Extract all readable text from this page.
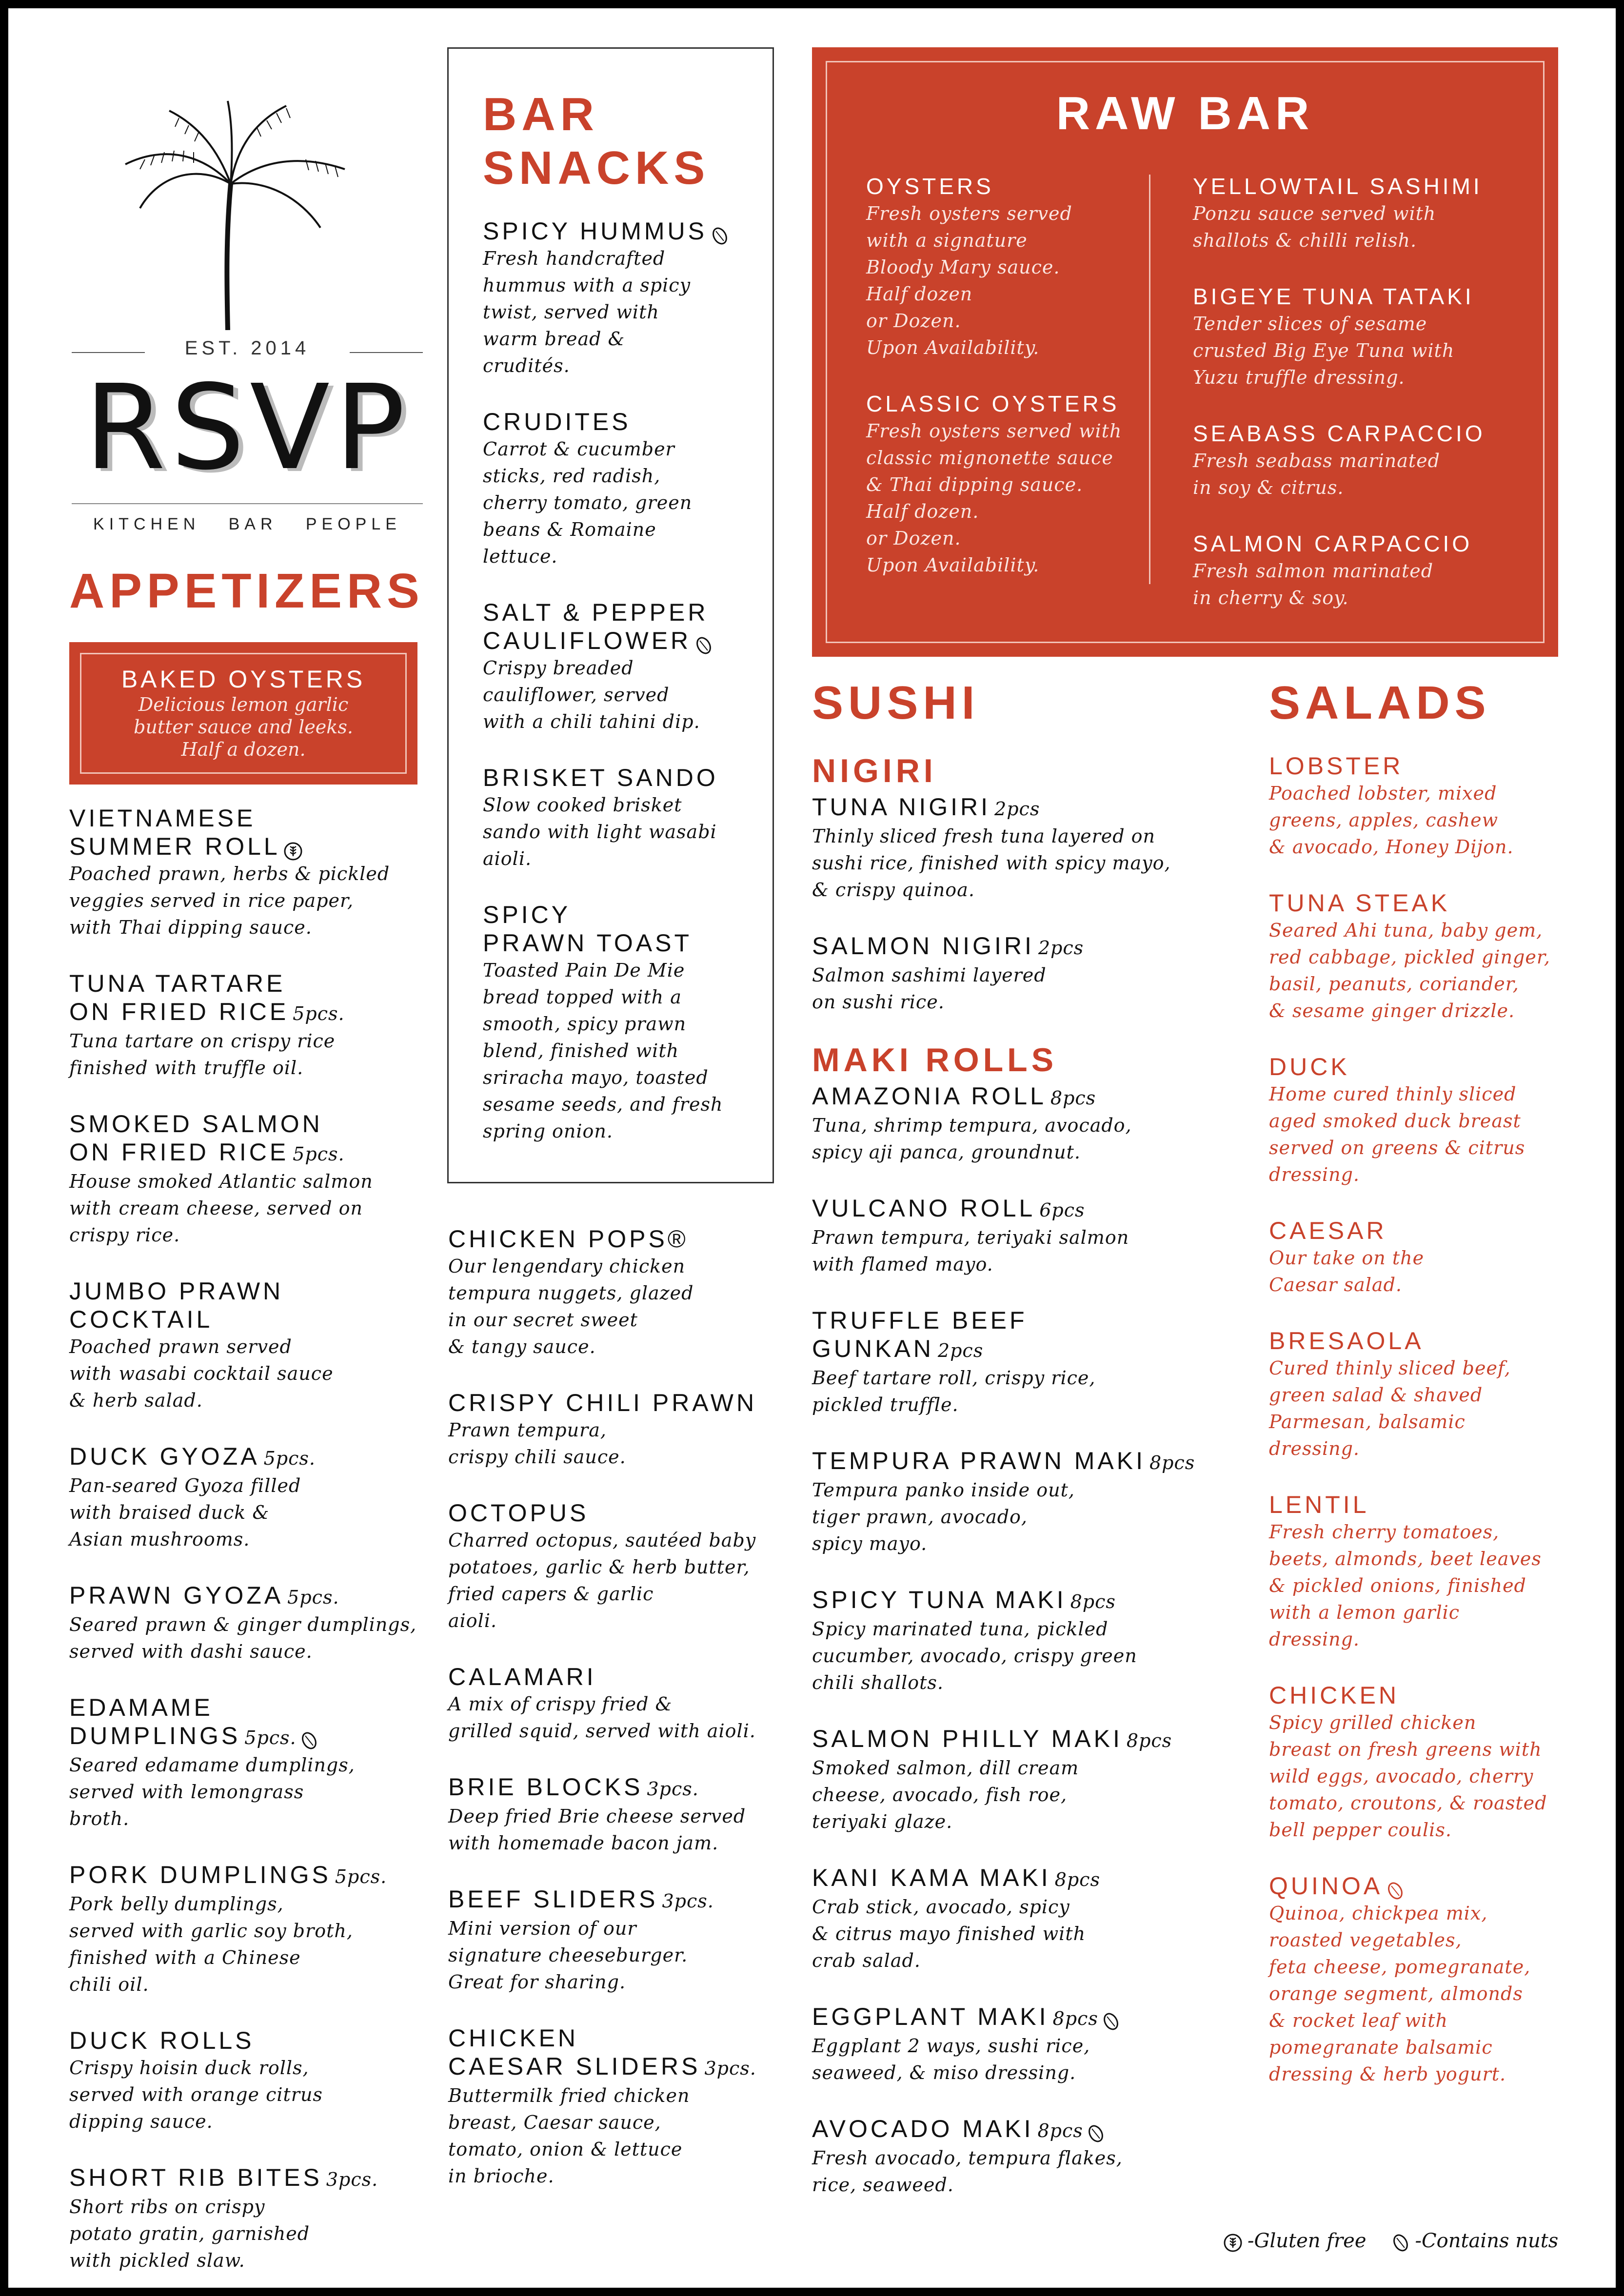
EST. 2014
RSVP
KITCHEN   BAR   PEOPLE
APPETIZERS
BAKED OYSTERS
Delicious lemon garlic
butter sauce and leeks.
Half a dozen.
VIETNAMESE
SUMMER ROLL
Poached prawn, herbs & pickled
veggies served in rice paper,
with Thai dipping sauce.
TUNA TARTARE
ON FRIED RICE 5pcs.
Tuna tartare on crispy rice
finished with truffle oil.
SMOKED SALMON
ON FRIED RICE 5pcs.
House smoked Atlantic salmon
with cream cheese, served on
crispy rice.
JUMBO PRAWN
COCKTAIL
Poached prawn served
with wasabi cocktail sauce
& herb salad.
DUCK GYOZA 5pcs.
Pan-seared Gyoza filled
with braised duck &
Asian mushrooms.
PRAWN GYOZA 5pcs.
Seared prawn & ginger dumplings,
served with dashi sauce.
EDAMAME
DUMPLINGS 5pcs.
Seared edamame dumplings,
served with lemongrass
broth.
PORK DUMPLINGS 5pcs.
Pork belly dumplings,
served with garlic soy broth,
finished with a Chinese
chili oil.
DUCK ROLLS
Crispy hoisin duck rolls,
served with orange citrus
dipping sauce.
SHORT RIB BITES 3pcs.
Short ribs on crispy
potato gratin, garnished
with pickled slaw.
BAR
SNACKS
SPICY HUMMUS
Fresh handcrafted
hummus with a spicy
twist, served with
warm bread &
crudités.
CRUDITES
Carrot & cucumber
sticks, red radish,
cherry tomato, green
beans & Romaine
lettuce.
SALT & PEPPER
CAULIFLOWER
Crispy breaded
cauliflower, served
with a chili tahini dip.
BRISKET SANDO
Slow cooked brisket
sando with light wasabi
aioli.
SPICY
PRAWN TOAST
Toasted Pain De Mie
bread topped with a
smooth, spicy prawn
blend, finished with
sriracha mayo, toasted
sesame seeds, and fresh
spring onion.
CHICKEN POPS®
Our lengendary chicken
tempura nuggets, glazed
in our secret sweet
& tangy sauce.
CRISPY CHILI PRAWN
Prawn tempura,
crispy chili sauce.
OCTOPUS
Charred octopus, sautéed baby
potatoes, garlic & herb butter,
fried capers & garlic
aioli.
CALAMARI
A mix of crispy fried &
grilled squid, served with aioli.
BRIE BLOCKS 3pcs.
Deep fried Brie cheese served
with homemade bacon jam.
BEEF SLIDERS 3pcs.
Mini version of our
signature cheeseburger.
Great for sharing.
CHICKEN
CAESAR SLIDERS 3pcs.
Buttermilk fried chicken
breast, Caesar sauce,
tomato, onion & lettuce
in brioche.
RAW BAR
OYSTERS
Fresh oysters served
with a signature
Bloody Mary sauce.
Half dozen
or Dozen.
Upon Availability.
CLASSIC OYSTERS
Fresh oysters served with
classic mignonette sauce
& Thai dipping sauce.
Half dozen.
or Dozen.
Upon Availability.
YELLOWTAIL SASHIMI
Ponzu sauce served with
shallots & chilli relish.
BIGEYE TUNA TATAKI
Tender slices of sesame
crusted Big Eye Tuna with
Yuzu truffle dressing.
SEABASS CARPACCIO
Fresh seabass marinated
in soy & citrus.
SALMON CARPACCIO
Fresh salmon marinated
in cherry & soy.
SUSHI
NIGIRI
TUNA NIGIRI 2pcs
Thinly sliced fresh tuna layered on
sushi rice, finished with spicy mayo,
& crispy quinoa.
SALMON NIGIRI 2pcs
Salmon sashimi layered
on sushi rice.
MAKI ROLLS
AMAZONIA ROLL 8pcs
Tuna, shrimp tempura, avocado,
spicy aji panca, groundnut.
VULCANO ROLL 6pcs
Prawn tempura, teriyaki salmon
with flamed mayo.
TRUFFLE BEEF
GUNKAN 2pcs
Beef tartare roll, crispy rice,
pickled truffle.
TEMPURA PRAWN MAKI 8pcs
Tempura panko inside out,
tiger prawn, avocado,
spicy mayo.
SPICY TUNA MAKI 8pcs
Spicy marinated tuna, pickled
cucumber, avocado, crispy green
chili shallots.
SALMON PHILLY MAKI 8pcs
Smoked salmon, dill cream
cheese, avocado, fish roe,
teriyaki glaze.
KANI KAMA MAKI 8pcs
Crab stick, avocado, spicy
& citrus mayo finished with
crab salad.
EGGPLANT MAKI 8pcs
Eggplant 2 ways, sushi rice,
seaweed, & miso dressing.
AVOCADO MAKI 8pcs
Fresh avocado, tempura flakes,
rice, seaweed.
SALADS
LOBSTER
Poached lobster, mixed
greens, apples, cashew
& avocado, Honey Dijon.
TUNA STEAK
Seared Ahi tuna, baby gem,
red cabbage, pickled ginger,
basil, peanuts, coriander,
& sesame ginger drizzle.
DUCK
Home cured thinly sliced
aged smoked duck breast
served on greens & citrus
dressing.
CAESAR
Our take on the
Caesar salad.
BRESAOLA
Cured thinly sliced beef,
green salad & shaved
Parmesan, balsamic
dressing.
LENTIL
Fresh cherry tomatoes,
beets, almonds, beet leaves
& pickled onions, finished
with a lemon garlic
dressing.
CHICKEN
Spicy grilled chicken
breast on fresh greens with
wild eggs, avocado, cherry
tomato, croutons, & roasted
bell pepper coulis.
QUINOA
Quinoa, chickpea mix,
roasted vegetables,
feta cheese, pomegranate,
orange segment, almonds
& rocket leaf with
pomegranate balsamic
dressing & herb yogurt.
-Gluten free	-Contains nuts
